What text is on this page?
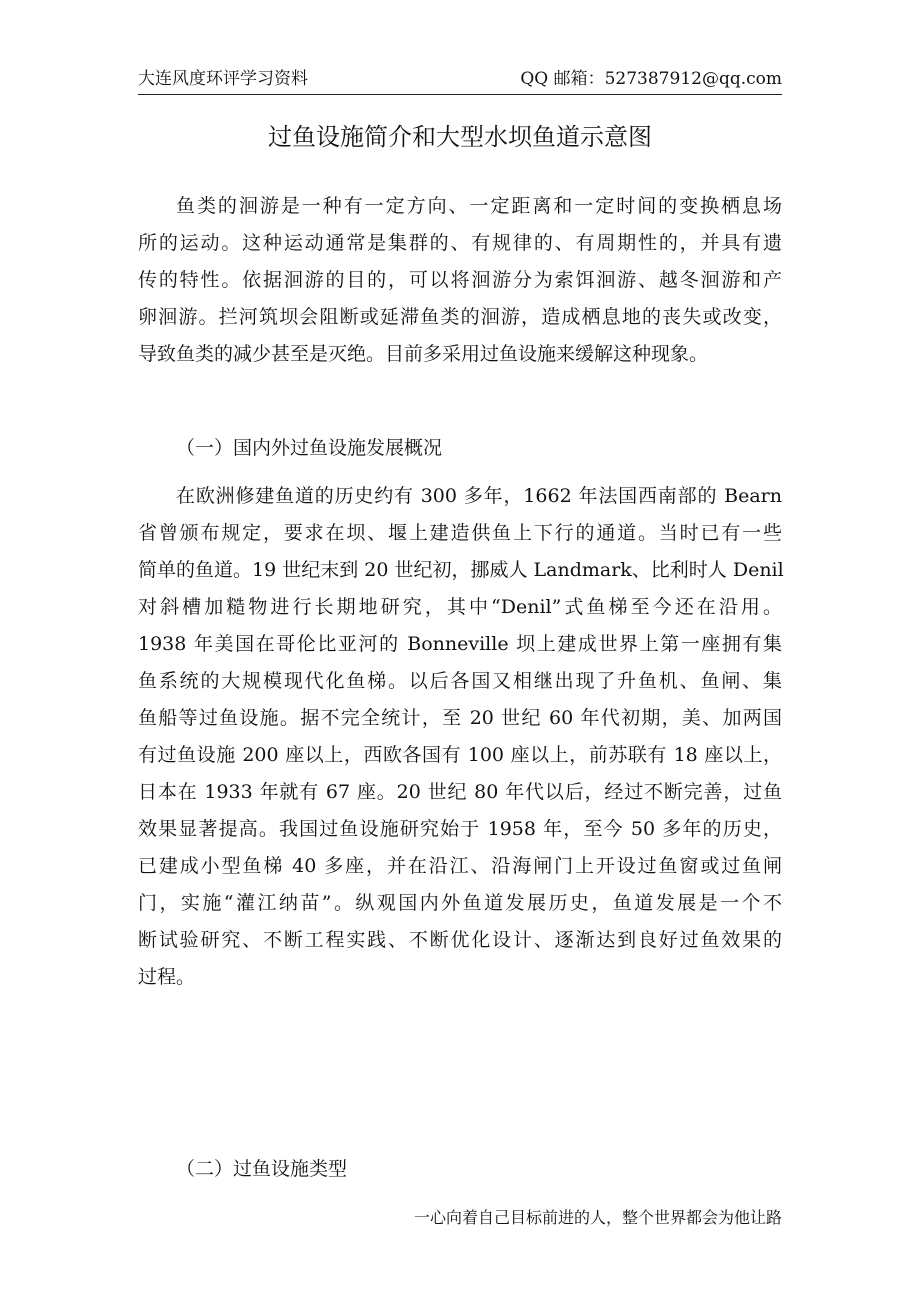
大连风度环评学习资料	QQ 邮箱：527387912@qq.com
过鱼设施简介和大型水坝鱼道示意图
鱼类的洄游是一种有一定方向、一定距离和一定时间的变换栖息场
所的运动。这种运动通常是集群的、有规律的、有周期性的，并具有遗
传的特性。依据洄游的目的，可以将洄游分为索饵洄游、越冬洄游和产
卵洄游。拦河筑坝会阻断或延滞鱼类的洄游，造成栖息地的丧失或改变，
导致鱼类的减少甚至是灭绝。目前多采用过鱼设施来缓解这种现象。
（一）国内外过鱼设施发展概况
在欧洲修建鱼道的历史约有 300 多年，1662 年法国西南部的 Bearn
省曾颁布规定，要求在坝、堰上建造供鱼上下行的通道。当时已有一些
简单的鱼道。19 世纪末到 20 世纪初，挪威人 Landmark、比利时人 Denil
对斜槽加糙物进行长期地研究，其中“Denil”式鱼梯至今还在沿用。
1938 年美国在哥伦比亚河的 Bonneville 坝上建成世界上第一座拥有集
鱼系统的大规模现代化鱼梯。以后各国又相继出现了升鱼机、鱼闸、集
鱼船等过鱼设施。据不完全统计，至 20 世纪 60 年代初期，美、加两国
有过鱼设施 200 座以上，西欧各国有 100 座以上，前苏联有 18 座以上，
日本在 1933 年就有 67 座。20 世纪 80 年代以后，经过不断完善，过鱼
效果显著提高。我国过鱼设施研究始于 1958 年，至今 50 多年的历史，
已建成小型鱼梯 40 多座，并在沿江、沿海闸门上开设过鱼窗或过鱼闸
门，实施“灌江纳苗”。纵观国内外鱼道发展历史，鱼道发展是一个不
断试验研究、不断工程实践、不断优化设计、逐渐达到良好过鱼效果的
过程。
（二）过鱼设施类型
一心向着自己目标前进的人，整个世界都会为他让路
